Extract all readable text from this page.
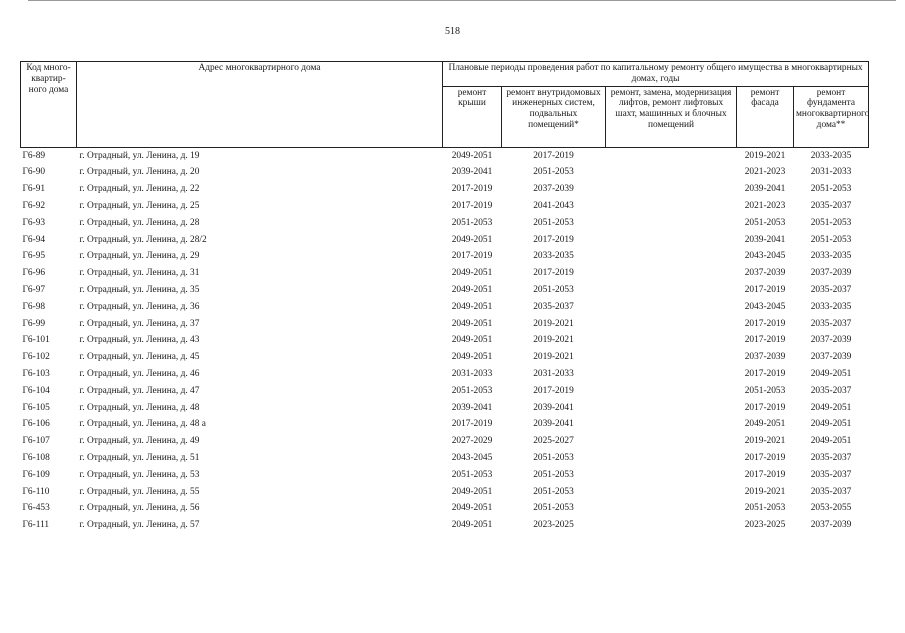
518
Код много-квартир-ного дома	Адрес многоквартирного дома	Плановые периоды проведения работ по капитальному ремонту общего имущества в многоквартирных домах, годы				
		ремонт крыши	ремонт внутридомовых инженерных систем, подвальных помещений*	ремонт, замена, модернизация лифтов, ремонт лифтовых шахт, машинных и блочных помещений	ремонт фасада	ремонт фундамента многоквартирного дома**
Г6-89	г. Отрадный, ул. Ленина, д. 19	2049-2051	2017-2019		2019-2021	2033-2035
Г6-90	г. Отрадный, ул. Ленина, д. 20	2039-2041	2051-2053		2021-2023	2031-2033
Г6-91	г. Отрадный, ул. Ленина, д. 22	2017-2019	2037-2039		2039-2041	2051-2053
Г6-92	г. Отрадный, ул. Ленина, д. 25	2017-2019	2041-2043		2021-2023	2035-2037
Г6-93	г. Отрадный, ул. Ленина, д. 28	2051-2053	2051-2053		2051-2053	2051-2053
Г6-94	г. Отрадный, ул. Ленина, д. 28/2	2049-2051	2017-2019		2039-2041	2051-2053
Г6-95	г. Отрадный, ул. Ленина, д. 29	2017-2019	2033-2035		2043-2045	2033-2035
Г6-96	г. Отрадный, ул. Ленина, д. 31	2049-2051	2017-2019		2037-2039	2037-2039
Г6-97	г. Отрадный, ул. Ленина, д. 35	2049-2051	2051-2053		2017-2019	2035-2037
Г6-98	г. Отрадный, ул. Ленина, д. 36	2049-2051	2035-2037		2043-2045	2033-2035
Г6-99	г. Отрадный, ул. Ленина, д. 37	2049-2051	2019-2021		2017-2019	2035-2037
Г6-101	г. Отрадный, ул. Ленина, д. 43	2049-2051	2019-2021		2017-2019	2037-2039
Г6-102	г. Отрадный, ул. Ленина, д. 45	2049-2051	2019-2021		2037-2039	2037-2039
Г6-103	г. Отрадный, ул. Ленина, д. 46	2031-2033	2031-2033		2017-2019	2049-2051
Г6-104	г. Отрадный, ул. Ленина, д. 47	2051-2053	2017-2019		2051-2053	2035-2037
Г6-105	г. Отрадный, ул. Ленина, д. 48	2039-2041	2039-2041		2017-2019	2049-2051
Г6-106	г. Отрадный, ул. Ленина, д. 48 а	2017-2019	2039-2041		2049-2051	2049-2051
Г6-107	г. Отрадный, ул. Ленина, д. 49	2027-2029	2025-2027		2019-2021	2049-2051
Г6-108	г. Отрадный, ул. Ленина, д. 51	2043-2045	2051-2053		2017-2019	2035-2037
Г6-109	г. Отрадный, ул. Ленина, д. 53	2051-2053	2051-2053		2017-2019	2035-2037
Г6-110	г. Отрадный, ул. Ленина, д. 55	2049-2051	2051-2053		2019-2021	2035-2037
Г6-453	г. Отрадный, ул. Ленина, д. 56	2049-2051	2051-2053		2051-2053	2053-2055
Г6-111	г. Отрадный, ул. Ленина, д. 57	2049-2051	2023-2025		2023-2025	2037-2039
